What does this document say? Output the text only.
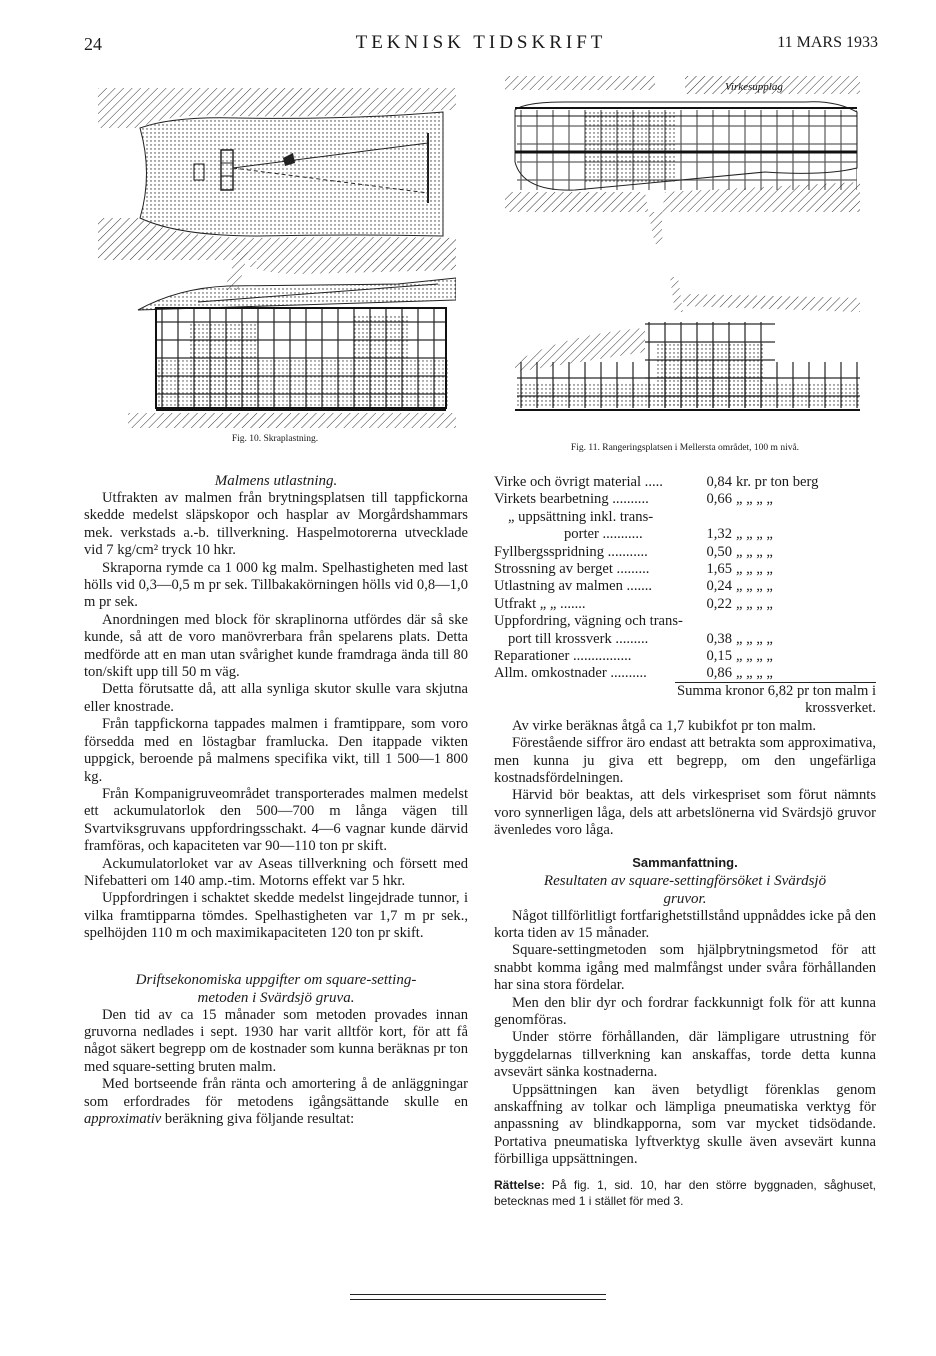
24	TEKNISK TIDSKRIFT	11 MARS 1933
Fig. 10. Skraplastning.
Virkesupplag
Fig. 11. Rangeringsplatsen i Mellersta området, 100 m nivå.
Malmens utlastning.

Utfrakten av malmen från brytningsplatsen till tappfickorna skedde medelst släpskopor och hasplar av Morgårdshammars mek. verkstads a.-b. tillverkning. Haspelmotorerna utvecklade vid 7 kg/cm² tryck 10 hkr.

Skraporna rymde ca 1 000 kg malm. Spelhastigheten med last hölls vid 0,3—0,5 m pr sek. Tillbakakörningen hölls vid 0,8—1,0 m pr sek.

Anordningen med block för skraplinorna utfördes där så ske kunde, så att de voro manövrerbara från spelarens plats. Detta medförde att en man utan svårighet kunde framdraga ända till 80 ton/skift upp till 50 m väg.

Detta förutsatte då, att alla synliga skutor skulle vara skjutna eller knostrade.

Från tappfickorna tappades malmen i framtippare, som voro försedda med en löstagbar framlucka. Den itappade vikten uppgick, beroende på malmens specifika vikt, till 1 500—1 800 kg.

Från Kompanigruveområdet transporterades malmen medelst ett ackumulatorlok den 500—700 m långa vägen till Svartviksgruvans uppfordringsschakt. 4—6 vagnar kunde därvid framföras, och kapaciteten var 90—110 ton pr skift.

Ackumulatorloket var av Aseas tillverkning och försett med Nifebatteri om 140 amp.-tim. Motorns effekt var 5 hkr.

Uppfordringen i schaktet skedde medelst lingejdrade tunnor, i vilka framtipparna tömdes. Spelhastigheten var 1,7 m pr sek., spelhöjden 110 m och maximikapaciteten 120 ton pr skift.

Driftsekonomiska uppgifter om square-setting-
metoden i Svärdsjö gruva.

Den tid av ca 15 månader som metoden provades innan gruvorna nedlades i sept. 1930 har varit alltför kort, för att få något säkert begrepp om de kostnader som kunna beräknas pr ton med square-setting bruten malm.

Med bortseende från ränta och amortering å de anläggningar som erfordrades för metodens igångsättande skulle en approximativ beräkning giva följande resultat:

Virke och övrigt material .....	0,84	kr. pr ton berg
Virkets bearbetning ..........	0,66	„ „ „ „
„ uppsättning inkl. trans-		
porter ...........	1,32	„ „ „ „
Fyllbergsspridning ...........	0,50	„ „ „ „
Strossning av berget .........	1,65	„ „ „ „
Utlastning av malmen .......	0,24	„ „ „ „
Utfrakt „ „ .......	0,22	„ „ „ „
Uppfordring, vägning och trans-		
port till krossverk .........	0,38	„ „ „ „
Reparationer ................	0,15	„ „ „ „
Allm. omkostnader ..........	0,86	„ „ „ „
Summa kronor 6,82 pr ton malm i
krossverket.

Av virke beräknas åtgå ca 1,7 kubikfot pr ton malm.

Förestående siffror äro endast att betrakta som approximativa, men kunna ju giva ett begrepp, om den ungefärliga kostnadsfördelningen.

Härvid bör beaktas, att dels virkespriset som förut nämnts voro synnerligen låga, dels att arbetslönerna vid Svärdsjö gruvor ävenledes voro låga.

Sammanfattning.
Resultaten av square-settingförsöket i Svärdsjö
gruvor.

Något tillförlitligt fortfarighetstillstånd uppnåddes icke på den korta tiden av 15 månader.

Square-settingmetoden som hjälpbrytningsmetod för att snabbt komma igång med malmfångst under svåra förhållanden har sina stora fördelar.

Men den blir dyr och fordrar fackkunnigt folk för att kunna genomföras.

Under större förhållanden, där lämpligare utrustning för byggdelarnas tillverkning kan anskaffas, torde detta kunna avsevärt sänka kostnaderna.

Uppsättningen kan även betydligt förenklas genom anskaffning av tolkar och lämpliga pneumatiska verktyg för anpassning av blindkapporna, som var mycket tidsödande. Portativa pneumatiska lyftverktyg skulle även avsevärt kunna förbilliga uppsättningen.

Rättelse: På fig. 1, sid. 10, har den större byggnaden, såghuset, betecknas med 1 i stället för med 3.
